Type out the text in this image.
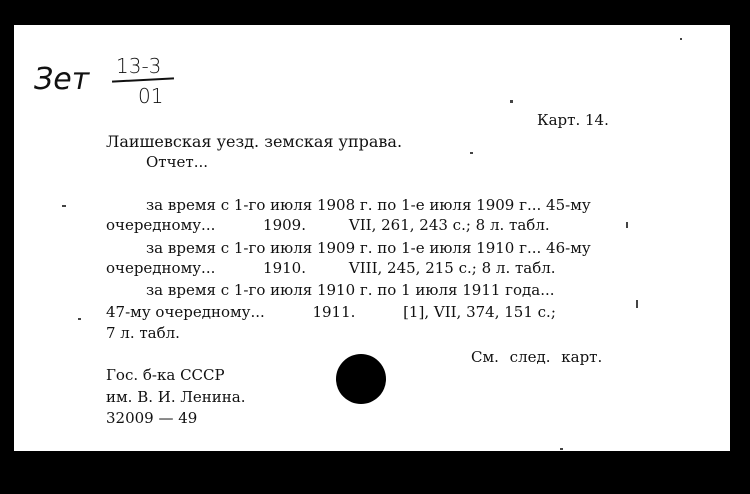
Зет 13-3
01
Карт. 14.
Лаишевская уезд. земская управа.
Отчет...
за время с 1-го июля 1908 г. по 1-е июля 1909 г... 45-му
очередному...          1909.         VII, 261, 243 с.; 8 л. табл.
за время с 1-го июля 1909 г. по 1-е июля 1910 г... 46-му
очередному...          1910.         VIII, 245, 215 с.; 8 л. табл.
за время с 1-го июля 1910 г. по 1 июля 1911 года...
47-му очередному...          1911.          [1], VII, 374, 151 с.;
7 л. табл.
См. след. карт.
Гос. б-ка СССР
им. В. И. Ленина.
32009 — 49
